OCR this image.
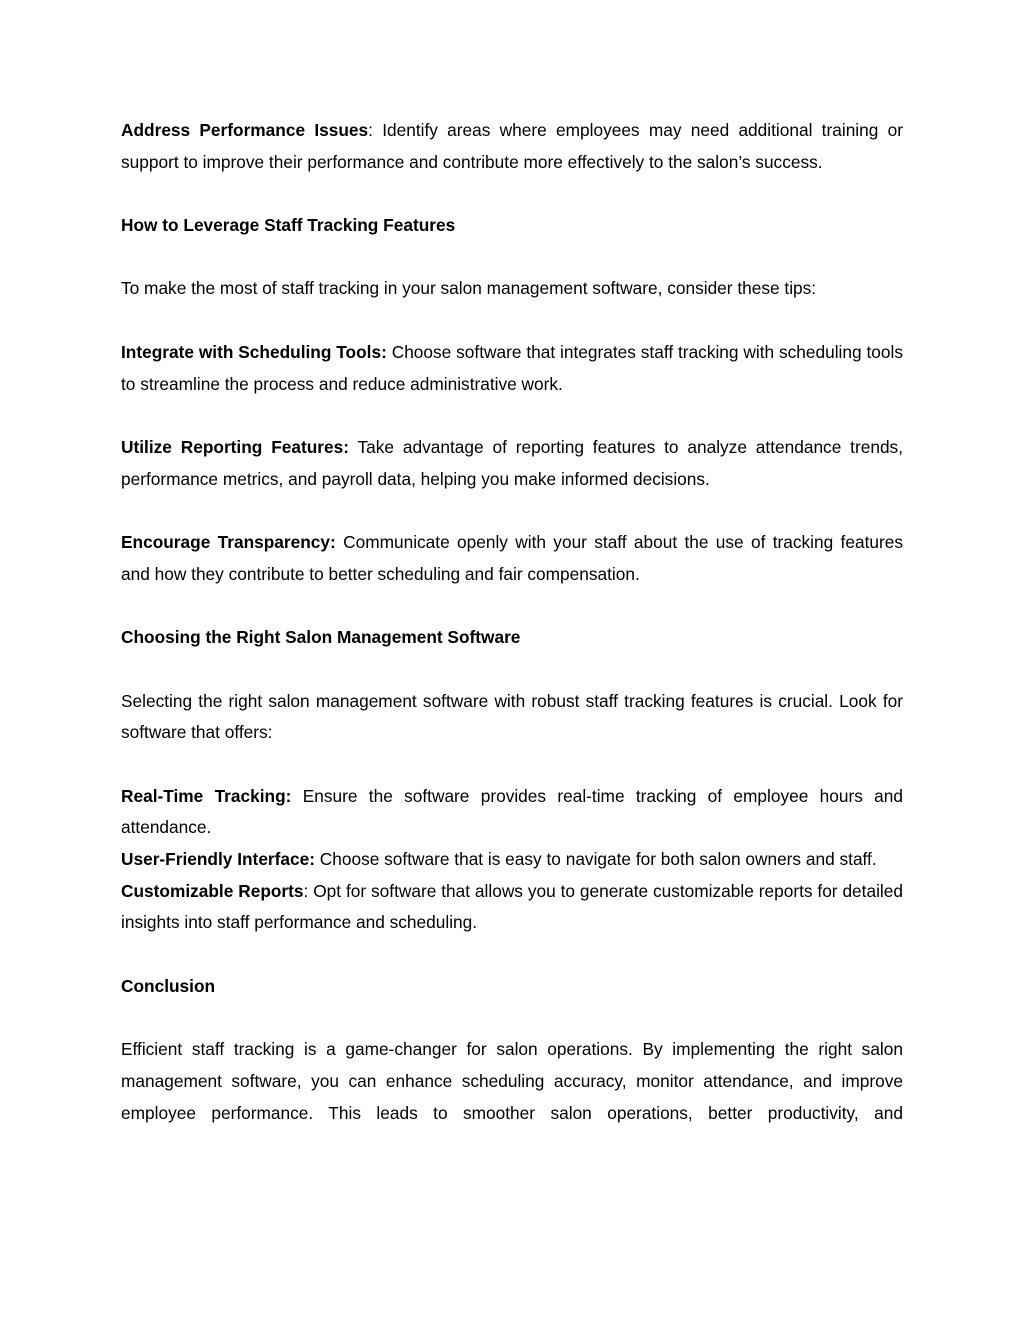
Address Performance Issues: Identify areas where employees may need additional training or support to improve their performance and contribute more effectively to the salon’s success.

How to Leverage Staff Tracking Features

To make the most of staff tracking in your salon management software, consider these tips:

Integrate with Scheduling Tools: Choose software that integrates staff tracking with scheduling tools to streamline the process and reduce administrative work.

Utilize Reporting Features: Take advantage of reporting features to analyze attendance trends, performance metrics, and payroll data, helping you make informed decisions.

Encourage Transparency: Communicate openly with your staff about the use of tracking features and how they contribute to better scheduling and fair compensation.

Choosing the Right Salon Management Software

Selecting the right salon management software with robust staff tracking features is crucial. Look for software that offers:

Real-Time Tracking: Ensure the software provides real-time tracking of employee hours and attendance.

User-Friendly Interface: Choose software that is easy to navigate for both salon owners and staff.

Customizable Reports: Opt for software that allows you to generate customizable reports for detailed insights into staff performance and scheduling.

Conclusion

Efficient staff tracking is a game-changer for salon operations. By implementing the right salon management software, you can enhance scheduling accuracy, monitor attendance, and improve employee performance. This leads to smoother salon operations, better productivity, and
